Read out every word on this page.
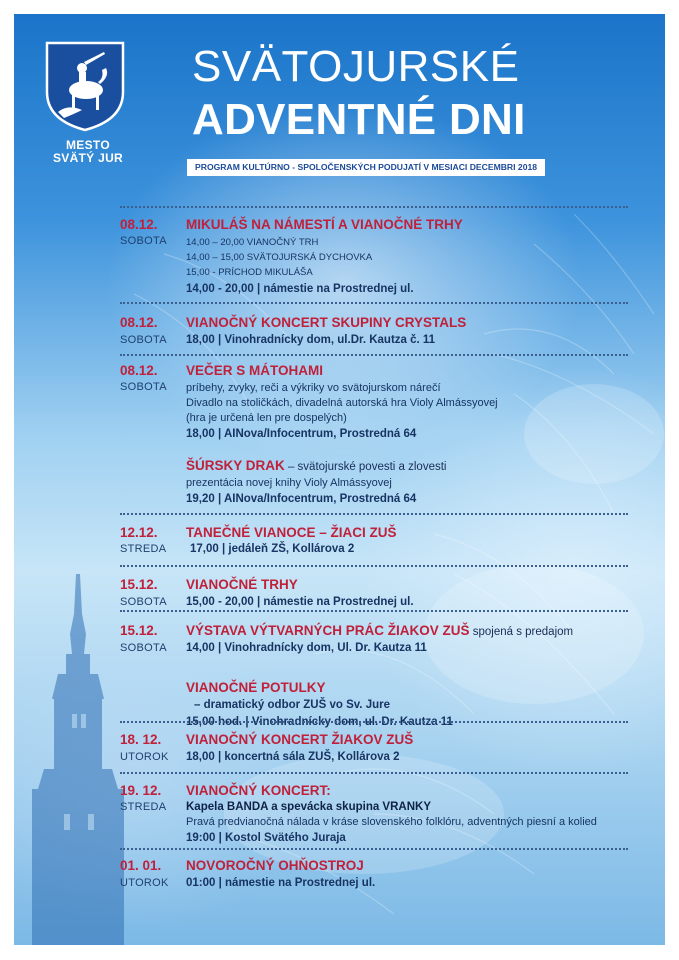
MESTO
SVÄTÝ JUR
SVÄTOJURSKÉ
ADVENTNÉ DNI
PROGRAM KULTÚRNO - SPOLOČENSKÝCH PODUJATÍ V MESIACI DECEMBRI 2018
08.12.
SOBOTA
MIKULÁŠ NA NÁMESTÍ A VIANOČNÉ TRHY
14,00 – 20,00 VIANOČNÝ TRH
14,00 – 15,00 SVÄTOJURSKÁ DYCHOVKA
15,00 - PRÍCHOD MIKULÁŠA
14,00 - 20,00 | námestie na Prostrednej ul.
08.12.
SOBOTA
VIANOČNÝ KONCERT SKUPINY CRYSTALS
18,00 | Vinohradnícky dom, ul.Dr. Kautza č. 11
08.12.
SOBOTA
VEČER S MÁTOHAMI
príbehy, zvyky, reči a výkriky vo svätojurskom nárečí
Divadlo na stoličkách, divadelná autorská hra Violy Almássyovej
(hra je určená len pre dospelých)
18,00 | AINova/Infocentrum, Prostredná 64
ŠÚRSKY DRAK – svätojurské povesti a zlovesti
prezentácia novej knihy Violy Almássyovej
19,20 | AINova/Infocentrum, Prostredná 64
12.12.
STREDA
TANEČNÉ VIANOCE – ŽIACI ZUŠ
17,00 | jedáleň ZŠ, Kollárova 2
15.12.
SOBOTA
VIANOČNÉ TRHY
15,00 - 20,00 | námestie na Prostrednej ul.
15.12.
SOBOTA
VÝSTAVA VÝTVARNÝCH PRÁC ŽIAKOV ZUŠ spojená s predajom
14,00 | Vinohradnícky dom, Ul. Dr. Kautza 11
VIANOČNÉ POTULKY
– dramatický odbor ZUŠ vo Sv. Jure
15,00 hod. | Vinohradnícky dom, ul. Dr. Kautza 11
18. 12.
UTOROK
VIANOČNÝ KONCERT ŽIAKOV ZUŠ
18,00 | koncertná sála ZUŠ, Kollárova 2
19. 12.
STREDA
VIANOČNÝ KONCERT:
Kapela BANDA a spevácka skupina VRANKY
Pravá predvianočná nálada v kráse slovenského folklóru, adventných piesní a kolied
19:00 | Kostol Svätého Juraja
01. 01.
UTOROK
NOVOROČNÝ OHŇOSTROJ
01:00 | námestie na Prostrednej ul.
